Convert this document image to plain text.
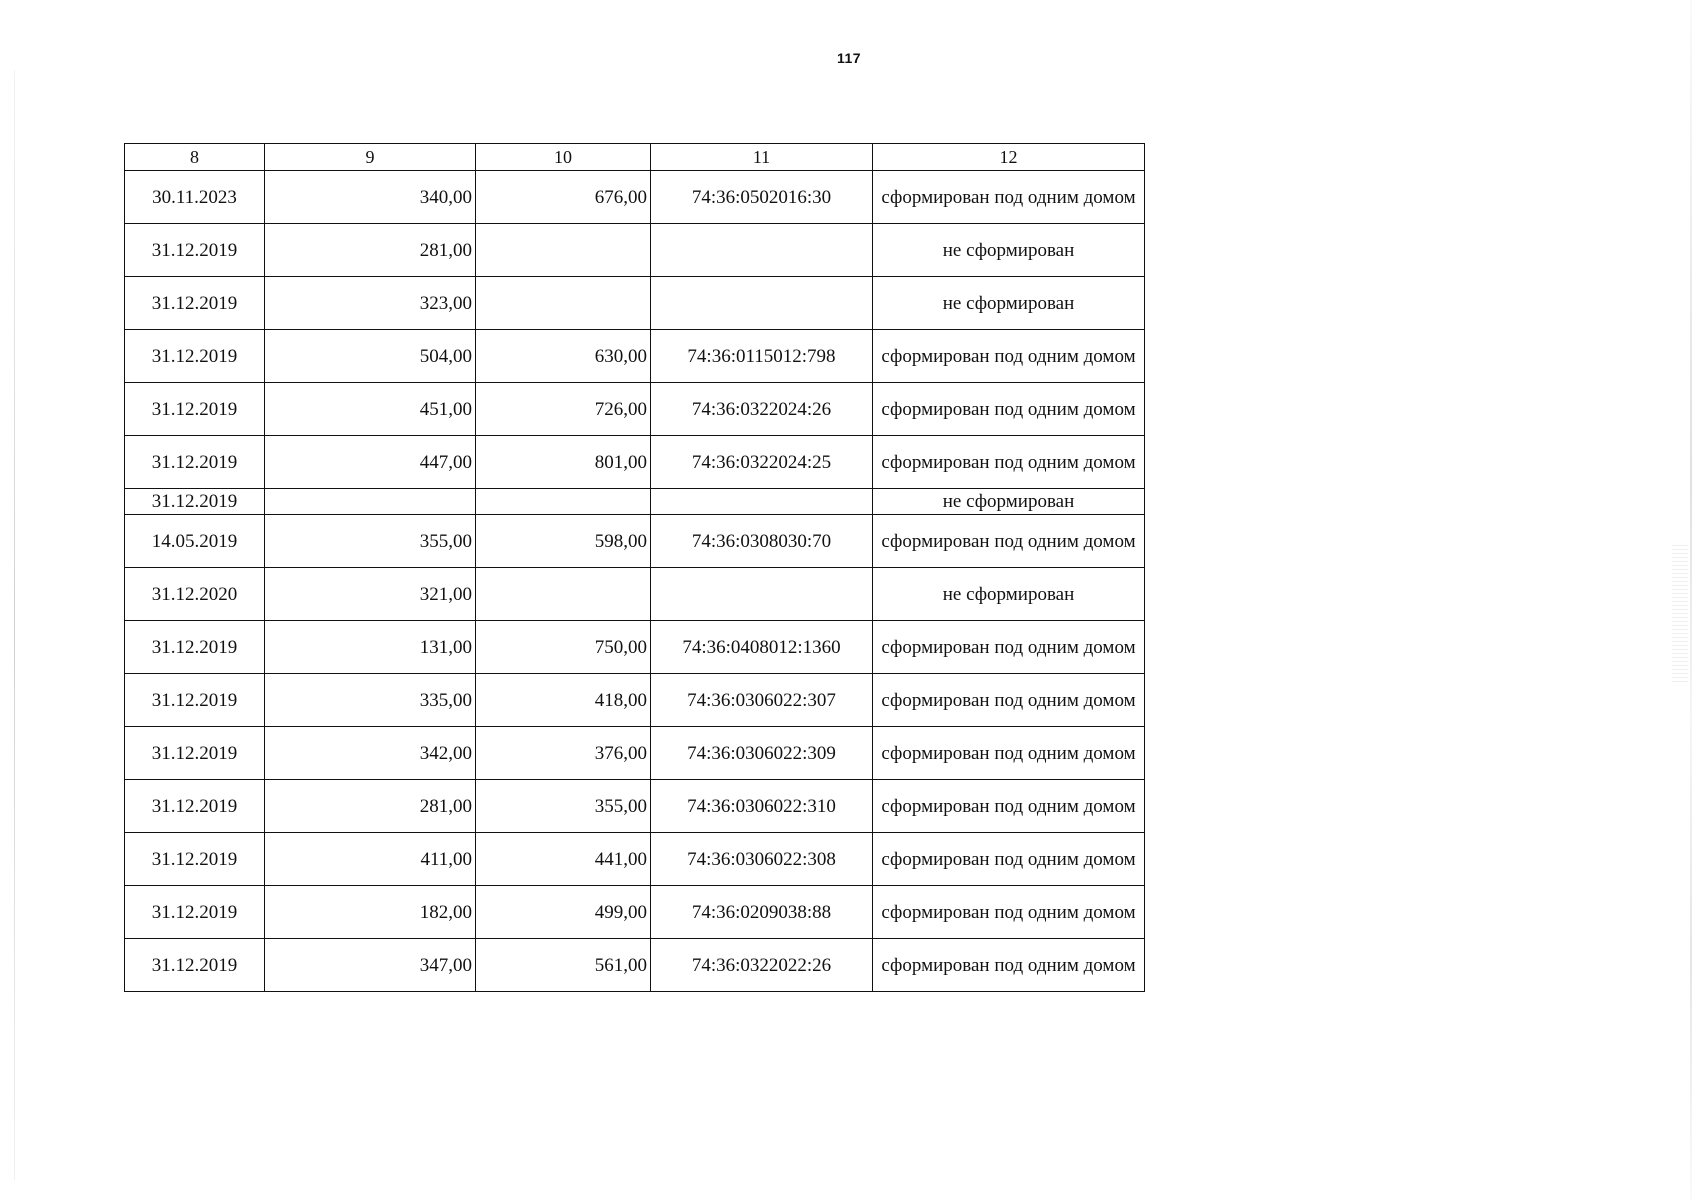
117
8	9	10	11	12
30.11.2023	340,00	676,00	74:36:0502016:30	сформирован под одним домом
31.12.2019	281,00			не сформирован
31.12.2019	323,00			не сформирован
31.12.2019	504,00	630,00	74:36:0115012:798	сформирован под одним домом
31.12.2019	451,00	726,00	74:36:0322024:26	сформирован под одним домом
31.12.2019	447,00	801,00	74:36:0322024:25	сформирован под одним домом
31.12.2019				не сформирован
14.05.2019	355,00	598,00	74:36:0308030:70	сформирован под одним домом
31.12.2020	321,00			не сформирован
31.12.2019	131,00	750,00	74:36:0408012:1360	сформирован под одним домом
31.12.2019	335,00	418,00	74:36:0306022:307	сформирован под одним домом
31.12.2019	342,00	376,00	74:36:0306022:309	сформирован под одним домом
31.12.2019	281,00	355,00	74:36:0306022:310	сформирован под одним домом
31.12.2019	411,00	441,00	74:36:0306022:308	сформирован под одним домом
31.12.2019	182,00	499,00	74:36:0209038:88	сформирован под одним домом
31.12.2019	347,00	561,00	74:36:0322022:26	сформирован под одним домом
